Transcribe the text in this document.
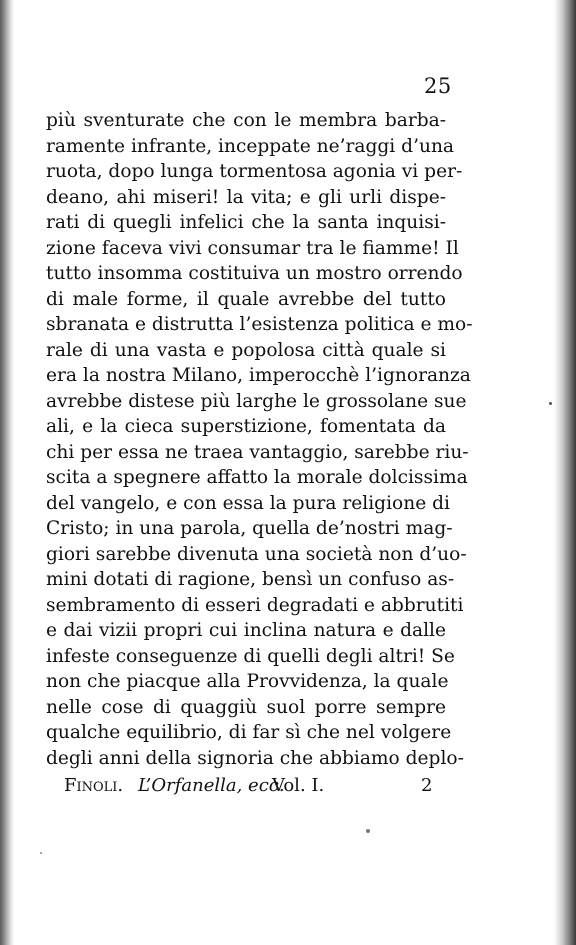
25
più sventurate che con le membra barba-
ramente infrante, inceppate ne’raggi d’una
ruota, dopo lunga tormentosa agonia vi per-
deano, ahi miseri! la vita; e gli urli dispe-
rati di quegli infelici che la santa inquisi-
zione faceva vivi consumar tra le fiamme! Il
tutto insomma costituiva un mostro orrendo
di male forme, il quale avrebbe del tutto
sbranata e distrutta l’esistenza politica e mo-
rale di una vasta e popolosa città quale si
era la nostra Milano, imperocchè l’ignoranza
avrebbe distese più larghe le grossolane sue
ali, e la cieca superstizione, fomentata da
chi per essa ne traea vantaggio, sarebbe riu-
scita a spegnere affatto la morale dolcissima
del vangelo, e con essa la pura religione di
Cristo; in una parola, quella de’nostri mag-
giori sarebbe divenuta una società non d’uo-
mini dotati di ragione, bensì un confuso as-
sembramento di esseri degradati e abbrutiti
e dai vizii propri cui inclina natura e dalle
infeste conseguenze di quelli degli altri! Se
non che piacque alla Provvidenza, la quale
nelle cose di quaggiù suol porre sempre
qualche equilibrio, di far sì che nel volgere
degli anni della signoria che abbiamo deplo-
Finoli. L’Orfanella, ecc.
Vol. I.	2
